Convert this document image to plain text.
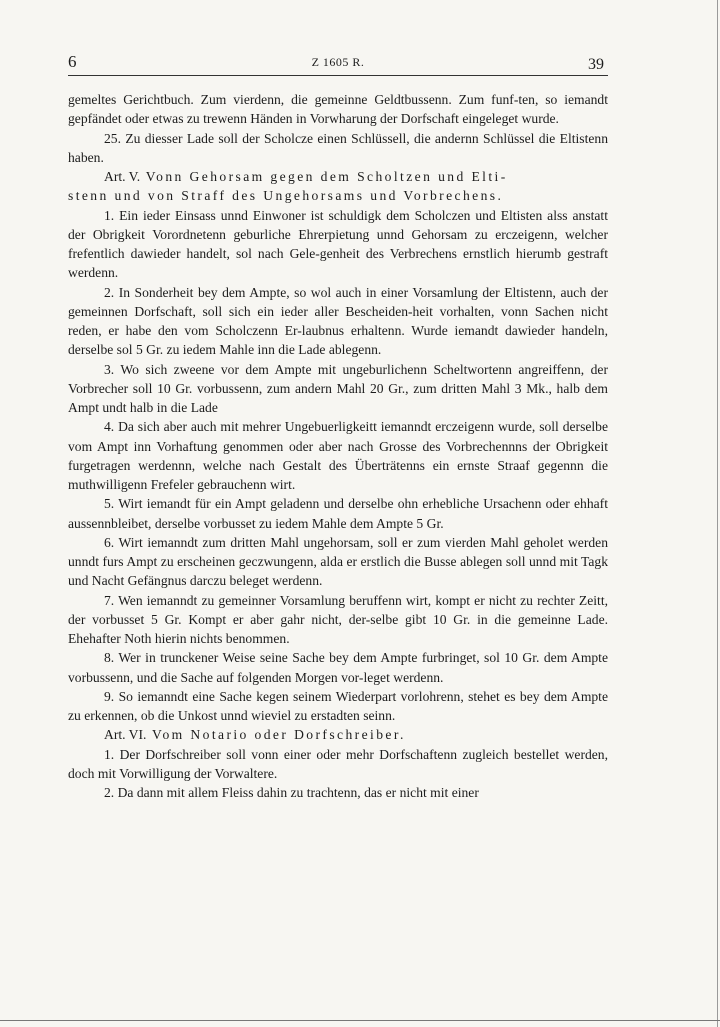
6	Z 1605 R.	39

gemeltes Gerichtbuch. Zum vierdenn, die gemeinne Geldtbussenn. Zum funf-ten, so iemandt gepfändet oder etwas zu trewenn Händen in Vorwharung der Dorfschaft eingeleget wurde.

25. Zu diesser Lade soll der Scholcze einen Schlüssell, die andernn Schlüssel die Eltistenn haben.

Art. V. Vonn Gehorsam gegen dem Scholtzen und Elti-

stenn und von Straff des Ungehorsams und Vorbrechens.

1. Ein ieder Einsass unnd Einwoner ist schuldigk dem Scholczen und Eltisten alss anstatt der Obrigkeit Vorordnetenn geburliche Ehrerpietung unnd Gehorsam zu erczeigenn, welcher frefentlich dawieder handelt, sol nach Gele-genheit des Verbrechens ernstlich hierumb gestraft werdenn.

2. In Sonderheit bey dem Ampte, so wol auch in einer Vorsamlung der Eltistenn, auch der gemeinnen Dorfschaft, soll sich ein ieder aller Bescheiden-heit vorhalten, vonn Sachen nicht reden, er habe den vom Scholczenn Er-laubnus erhaltenn. Wurde iemandt dawieder handeln, derselbe sol 5 Gr. zu iedem Mahle inn die Lade ablegenn.

3. Wo sich zweene vor dem Ampte mit ungeburlichenn Scheltwortenn angreiffenn, der Vorbrecher soll 10 Gr. vorbussenn, zum andern Mahl 20 Gr., zum dritten Mahl 3 Mk., halb dem Ampt undt halb in die Lade

4. Da sich aber auch mit mehrer Ungebuerligkeitt iemanndt erczeigenn wurde, soll derselbe vom Ampt inn Vorhaftung genommen oder aber nach Grosse des Vorbrechennns der Obrigkeit furgetragen werdennn, welche nach Gestalt des Überträtenns ein ernste Straaf gegennn die muthwilligenn Frefeler gebrauchenn wirt.

5. Wirt iemandt für ein Ampt geladenn und derselbe ohn erhebliche Ursachenn oder ehhaft aussennbleibet, derselbe vorbusset zu iedem Mahle dem Ampte 5 Gr.

6. Wirt iemanndt zum dritten Mahl ungehorsam, soll er zum vierden Mahl geholet werden unndt furs Ampt zu erscheinen geczwungenn, alda er erstlich die Busse ablegen soll unnd mit Tagk und Nacht Gefängnus darczu beleget werdenn.

7. Wen iemanndt zu gemeinner Vorsamlung beruffenn wirt, kompt er nicht zu rechter Zeitt, der vorbusset 5 Gr. Kompt er aber gahr nicht, der-selbe gibt 10 Gr. in die gemeinne Lade. Ehehafter Noth hierin nichts benommen.

8. Wer in trunckener Weise seine Sache bey dem Ampte furbringet, sol 10 Gr. dem Ampte vorbussenn, und die Sache auf folgenden Morgen vor-leget werdenn.

9. So iemanndt eine Sache kegen seinem Wiederpart vorlohrenn, stehet es bey dem Ampte zu erkennen, ob die Unkost unnd wieviel zu erstadten seinn.

Art. VI. Vom Notario oder Dorfschreiber.

1. Der Dorfschreiber soll vonn einer oder mehr Dorfschaftenn zugleich bestellet werden, doch mit Vorwilligung der Vorwaltere.

2. Da dann mit allem Fleiss dahin zu trachtenn, das er nicht mit einer
